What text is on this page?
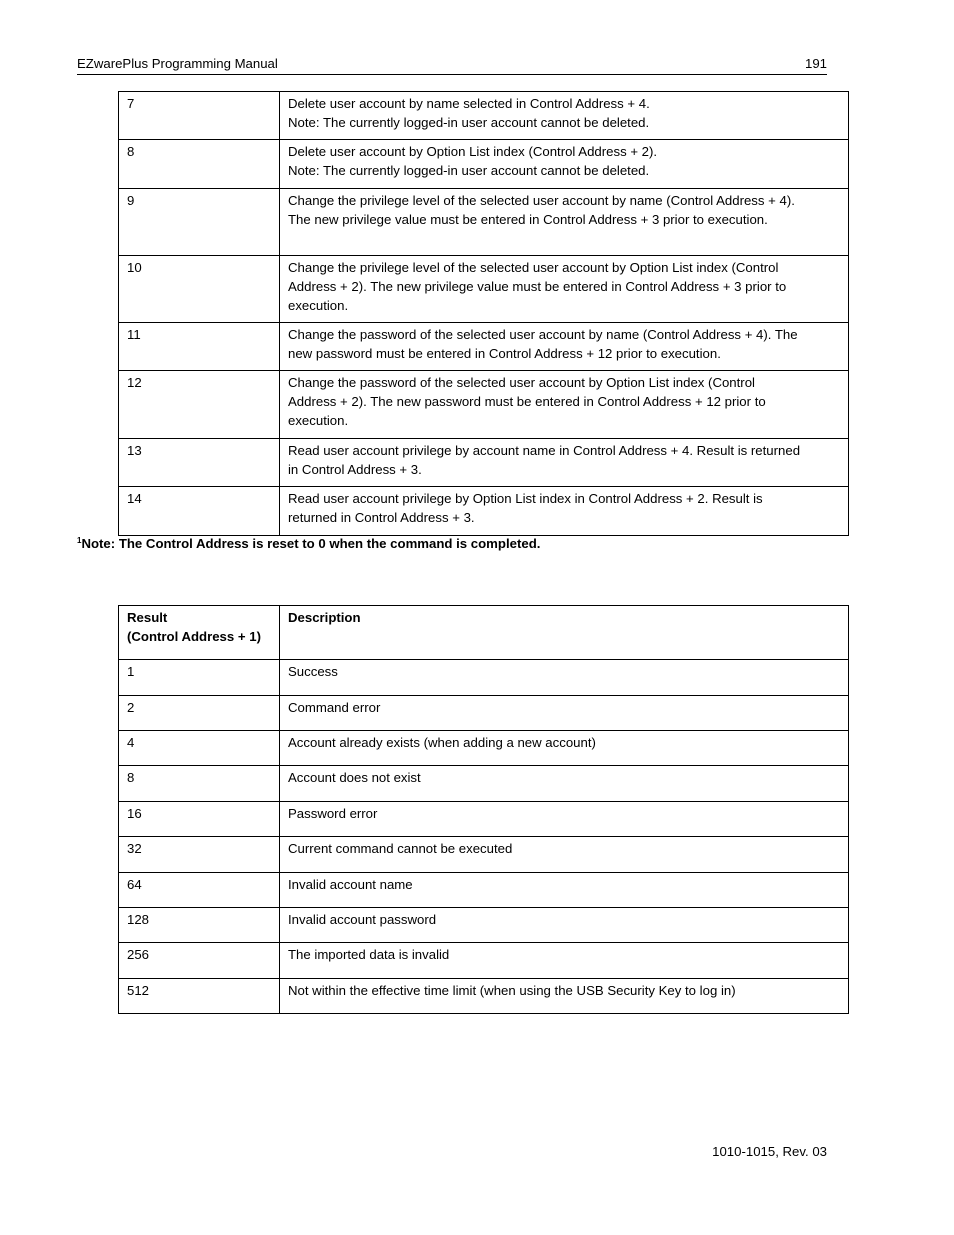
EZwarePlus Programming Manual	191
7	Delete user account by name selected in Control Address + 4.
Note: The currently logged-in user account cannot be deleted.

8	Delete user account by Option List index (Control Address + 2).
Note: The currently logged-in user account cannot be deleted.

9	Change the privilege level of the selected user account by name (Control Address + 4).
The new privilege value must be entered in Control Address + 3 prior to execution.

10	Change the privilege level of the selected user account by Option List index (Control
Address + 2). The new privilege value must be entered in Control Address + 3 prior to
execution.

11	Change the password of the selected user account by name (Control Address + 4). The
new password must be entered in Control Address + 12 prior to execution.

12	Change the password of the selected user account by Option List index (Control
Address + 2). The new password must be entered in Control Address + 12 prior to
execution.

13	Read user account privilege by account name in Control Address + 4. Result is returned
in Control Address + 3.

14	Read user account privilege by Option List index in Control Address + 2. Result is
returned in Control Address + 3.
$^1$Note: The Control Address is reset to 0 when the command is completed.
Result
(Control Address + 1)	Description
1	Success
2	Command error
4	Account already exists (when adding a new account)
8	Account does not exist
16	Password error
32	Current command cannot be executed
64	Invalid account name
128	Invalid account password
256	The imported data is invalid
512	Not within the effective time limit (when using the USB Security Key to log in)
1010-1015, Rev. 03
